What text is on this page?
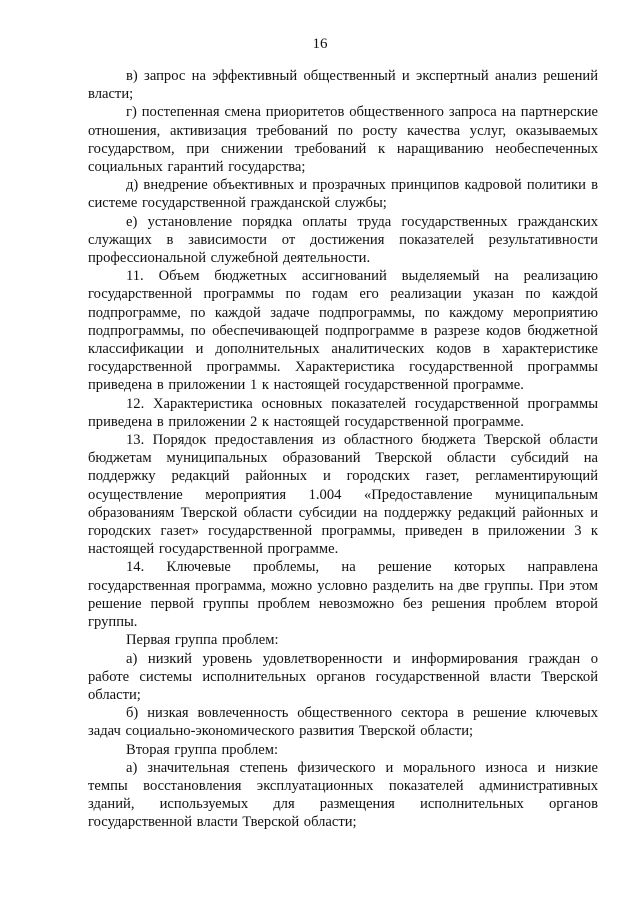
16

в) запрос на эффективный общественный и экспертный анализ решений власти;

г) постепенная смена приоритетов общественного запроса на партнерские отношения, активизация требований по росту качества услуг, оказываемых государством, при снижении требований к наращиванию необеспеченных социальных гарантий государства;

д) внедрение объективных и прозрачных принципов кадровой политики в системе государственной гражданской службы;

е) установление порядка оплаты труда государственных гражданских служащих в зависимости от достижения показателей результативности профессиональной служебной деятельности.

11. Объем бюджетных ассигнований выделяемый на реализацию государственной программы по годам его реализации указан по каждой подпрограмме, по каждой задаче подпрограммы, по каждому мероприятию подпрограммы, по обеспечивающей подпрограмме в разрезе кодов бюджетной классификации и дополнительных аналитических кодов в характеристике государственной программы. Характеристика государственной программы приведена в приложении 1 к настоящей государственной программе.

12. Характеристика основных показателей государственной программы приведена в приложении 2 к настоящей государственной программе.

13. Порядок предоставления из областного бюджета Тверской области бюджетам муниципальных образований Тверской области субсидий на поддержку редакций районных и городских газет, регламентирующий осуществление мероприятия 1.004 «Предоставление муниципальным образованиям Тверской области субсидии на поддержку редакций районных и городских газет» государственной программы, приведен в приложении 3 к настоящей государственной программе.

14. Ключевые проблемы, на решение которых направлена государственная программа, можно условно разделить на две группы. При этом решение первой группы проблем невозможно без решения проблем второй группы.

Первая группа проблем:

а) низкий уровень удовлетворенности и информирования граждан о работе системы исполнительных органов государственной власти Тверской области;

б) низкая вовлеченность общественного сектора в решение ключевых задач социально-экономического развития Тверской области;

Вторая группа проблем:

а) значительная степень физического и морального износа и низкие темпы восстановления эксплуатационных показателей административных зданий, используемых для размещения исполнительных органов государственной власти Тверской области;
